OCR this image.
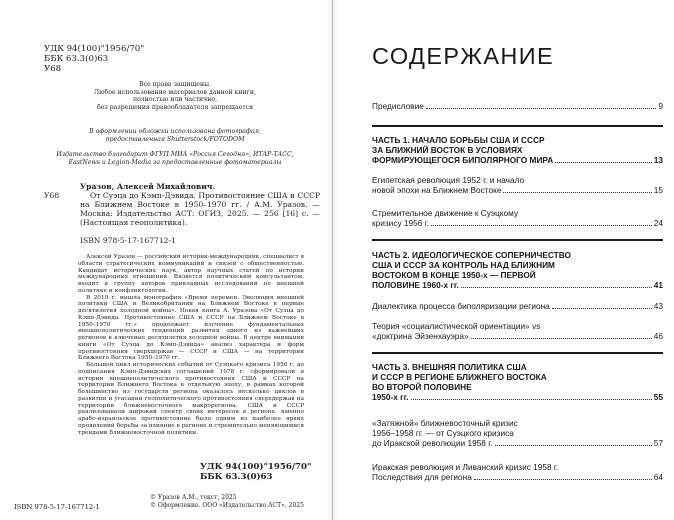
УДК 94(100)"1956/70"
ББК 63.3(0)63
У68
Все права защищены.
Любое использование материалов данной книги,
полностью или частично,
без разрешения правообладателя запрещается
В оформлении обложки использована фотография,
предоставленная Shutterstock/FOTODOM
Издательство благодарит ФГУП МИА «Россия Сегодня», ИТАР-ТАСС,
EastNews и Legion-Media за предоставленные фотоматериалы
У68
Уразов, Алексей Михайлович.
От Суэца до Кэмп-Дэвида. Противостояние США и СССР на Ближнем Востоке в 1950–1970 гг. / А.М. Уразов. — Москва: Издательство АСТ: ОГИЗ, 2025. — 256 [16] с. — (Настоящая геополитика).
ISBN 978-5-17-167712-1

Алексей Уразов — российский историк-международник, специалист в области стратегических коммуникаций и связей с общественностью. Кандидат исторических наук, автор научных статей по истории международных отношений. Является политическим консультантом, входит в группу авторов прикладных исследований по внешней политике и конфликтологии.

В 2019 г. вышла монография «Время перемен. Эволюция внешней политики США и Великобритании на Ближнем Востоке в первые десятилетия холодной войны». Новая книга А. Уразова «От Суэца до Кэмп-Дэвида. Противостояние США и СССР на Ближнем Востоке в 1950–1970 гг.» продолжает изучение фундаментальных внешнеполитических тенденций развития одного из важнейших регионов в ключевые десятилетия холодной войны. В центре внимания книги «От Суэца до Кэмп-Дэвида» анализ характера и форм противостояния сверхдержав — СССР и США — на территории Ближнего Востока 1950–1970 гг.

Большой цикл исторических событий от Суэцкого кризиса 1956 г. до подписания Кэмп-Дэвидских соглашений 1978 г. сформировали в истории внешнеполитического противостояния США и СССР на территории Ближнего Востока в отдельную эпоху, в рамках которой большинство из государств региона оказалось несколько циклов в развитии и угасании геополитического противостояния сверхдержав на территории ближневосточного макрорегиона. США и СССР реализовывали широкий спектр своих интересов в регионе, именно арабо-израильское противостояние было одним из наиболее ярких проявлений борьбы за влияние в регионе и стремительно меняющимися трендами ближневосточной политики.

УДК 94(100)"1956/70"
ББК 63.3(0)63
ISBN 978-5-17-167712-1
© Уразов А.М., текст, 2025
© Оформление. ООО «Издательство АСТ», 2025
СОДЕРЖАНИЕ
Предисловие	9
ЧАСТЬ 1. НАЧАЛО БОРЬБЫ США И СССР
ЗА БЛИЖНИЙ ВОСТОК В УСЛОВИЯХ
ФОРМИРУЮЩЕГОСЯ БИПОЛЯРНОГО МИРА	13
Египетская революция 1952 г. и начало
новой эпохи на Ближнем Востоке	15
Стремительное движение к Суэцкому
кризису 1956 г.	24
ЧАСТЬ 2. ИДЕОЛОГИЧЕСКОЕ СОПЕРНИЧЕСТВО
США И СССР ЗА КОНТРОЛЬ НАД БЛИЖНИМ
ВОСТОКОМ В КОНЦЕ 1950-х — ПЕРВОЙ
ПОЛОВИНЕ 1960-х гг.	41
Диалектика процесса биполяризации региона	43
Теория «социалистической ориентации» vs
«доктрина Эйзенхауэра»	46
ЧАСТЬ 3. ВНЕШНЯЯ ПОЛИТИКА США
И СССР В РЕГИОНЕ БЛИЖНЕГО ВОСТОКА
ВО ВТОРОЙ ПОЛОВИНЕ
1950-х гг.	55
«Затяжной» ближневосточный кризис
1956–1958 гг. — от Суэцкого кризиса
до Иракской революции 1958 г.	57
Иракская революция и Ливанский кризис 1958 г.
Последствия для региона	64
